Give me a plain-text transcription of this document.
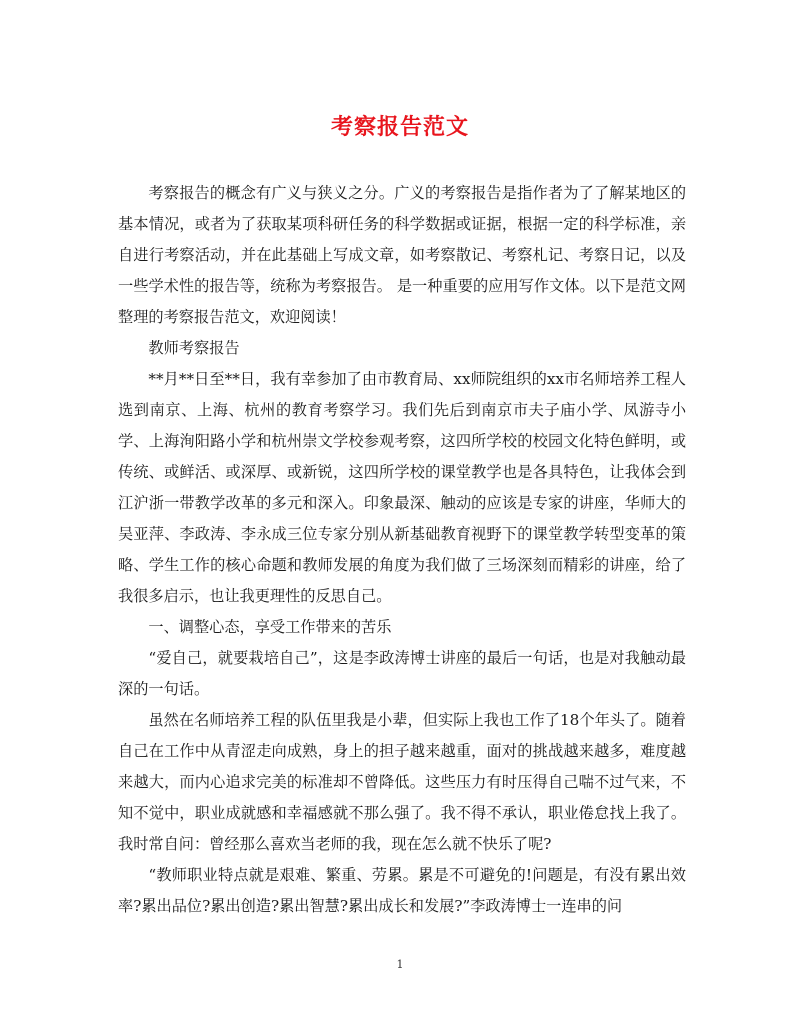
考察报告范文

考察报告的概念有广义与狭义之分。广义的考察报告是指作者为了了解某地区的基本情况，或者为了获取某项科研任务的科学数据或证据，根据一定的科学标准，亲自进行考察活动，并在此基础上写成文章，如考察散记、考察札记、考察日记，以及一些学术性的报告等，统称为考察报告。 是一种重要的应用写作文体。以下是范文网整理的考察报告范文，欢迎阅读！

教师考察报告

**月**日至**日，我有幸参加了由市教育局、xx师院组织的xx市名师培养工程人选到南京、上海、杭州的教育考察学习。我们先后到南京市夫子庙小学、凤游寺小学、上海洵阳路小学和杭州崇文学校参观考察，这四所学校的校园文化特色鲜明，或传统、或鲜活、或深厚、或新锐，这四所学校的课堂教学也是各具特色，让我体会到江沪浙一带教学改革的多元和深入。印象最深、触动的应该是专家的讲座，华师大的吴亚萍、李政涛、李永成三位专家分别从新基础教育视野下的课堂教学转型变革的策略、学生工作的核心命题和教师发展的角度为我们做了三场深刻而精彩的讲座，给了我很多启示，也让我更理性的反思自己。

一、调整心态，享受工作带来的苦乐

“爱自己，就要栽培自己”，这是李政涛博士讲座的最后一句话，也是对我触动最深的一句话。

虽然在名师培养工程的队伍里我是小辈，但实际上我也工作了18个年头了。随着自己在工作中从青涩走向成熟，身上的担子越来越重，面对的挑战越来越多，难度越来越大，而内心追求完美的标准却不曾降低。这些压力有时压得自己喘不过气来，不知不觉中，职业成就感和幸福感就不那么强了。我不得不承认，职业倦怠找上我了。我时常自问：曾经那么喜欢当老师的我，现在怎么就不快乐了呢?

“教师职业特点就是艰难、繁重、劳累。累是不可避免的!问题是，有没有累出效率?累出品位?累出创造?累出智慧?累出成长和发展?”李政涛博士一连串的问

1
